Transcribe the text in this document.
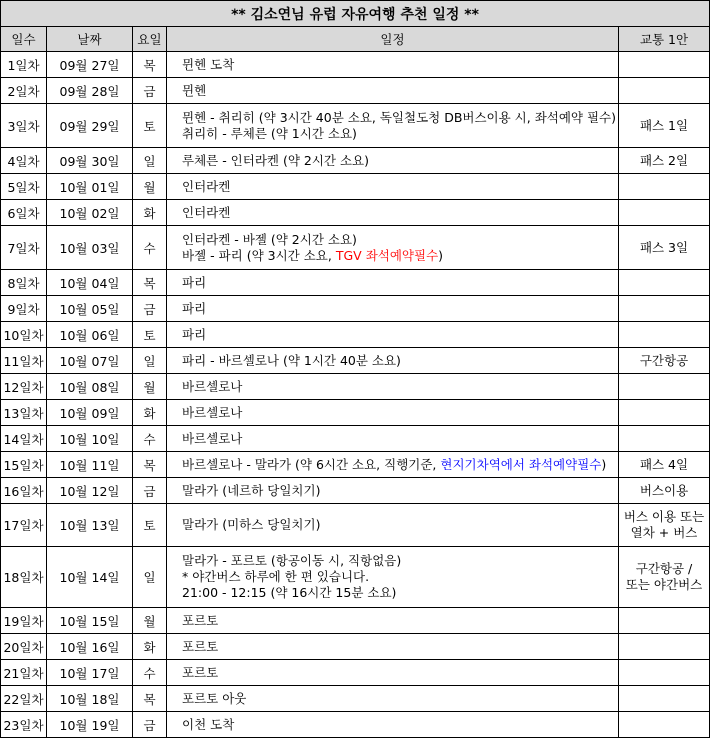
** 김소연님 유럽 자유여행 추천 일정 **				
일수	날짜	요일	일정	교통 1안
1일차	09월 27일	목	뮌헨 도착	

2일차	09월 28일	금	뮌헨	

3일차	09월 29일	토	뮌헨 - 취리히 (약 3시간 40분 소요, 독일철도청 DB버스이용 시, 좌석예약 필수)
취리히 - 루체른 (약 1시간 소요)	패스 1일

4일차	09월 30일	일	루체른 - 인터라켄 (약 2시간 소요)	패스 2일

5일차	10월 01일	월	인터라켄	

6일차	10월 02일	화	인터라켄	

7일차	10월 03일	수	인터라켄 - 바젤 (약 2시간 소요)
바젤 - 파리 (약 3시간 소요, TGV 좌석예약필수)	패스 3일

8일차	10월 04일	목	파리	

9일차	10월 05일	금	파리	

10일차	10월 06일	토	파리	

11일차	10월 07일	일	파리 - 바르셀로나 (약 1시간 40분 소요)	구간항공

12일차	10월 08일	월	바르셀로나	

13일차	10월 09일	화	바르셀로나	

14일차	10월 10일	수	바르셀로나	

15일차	10월 11일	목	바르셀로나 - 말라가 (약 6시간 소요, 직행기준, 현지기차역에서 좌석예약필수)	패스 4일

16일차	10월 12일	금	말라가 (네르하 당일치기)	버스이용

17일차	10월 13일	토	말라가 (미하스 당일치기)	버스 이용 또는
열차 + 버스

18일차	10월 14일	일	말라가 - 포르토 (항공이동 시, 직항없음)
* 야간버스 하루에 한 편 있습니다.
21:00 - 12:15 (약 16시간 15분 소요)	구간항공 /
또는 야간버스

19일차	10월 15일	월	포르토	

20일차	10월 16일	화	포르토	

21일차	10월 17일	수	포르토	

22일차	10월 18일	목	포르토 아웃	

23일차	10월 19일	금	이천 도착	
